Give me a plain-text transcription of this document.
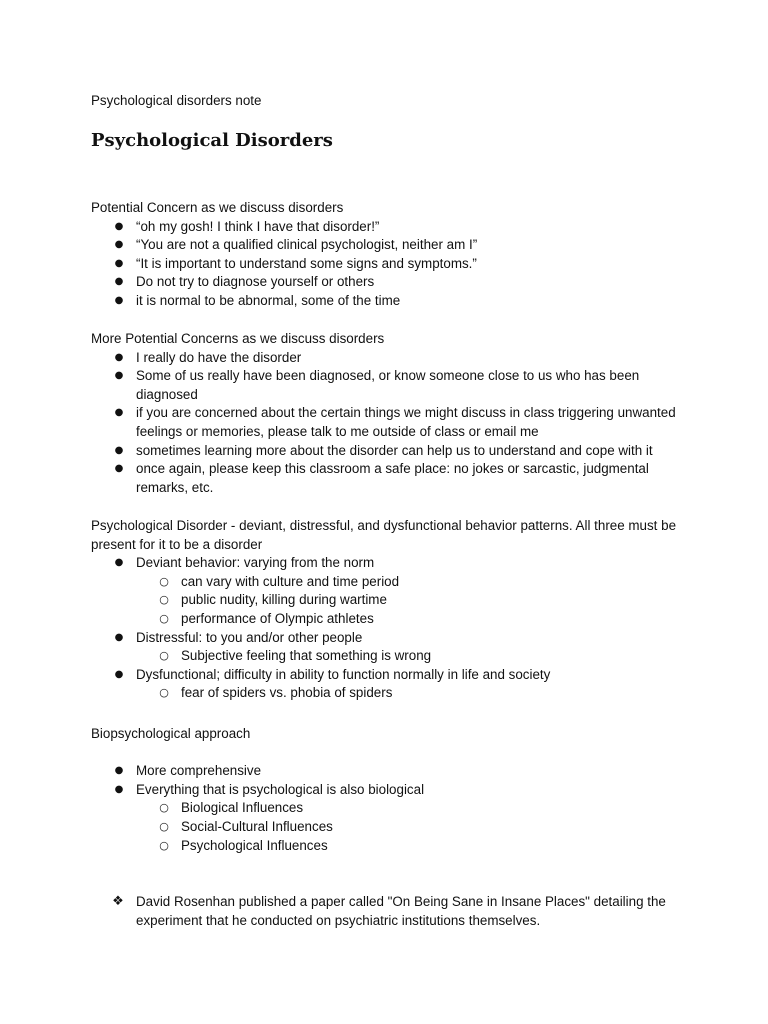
Psychological disorders note
Psychological Disorders
Potential Concern as we discuss disorders
● “oh my gosh! I think I have that disorder!”
● “You are not a qualified clinical psychologist, neither am I”
● “It is important to understand some signs and symptoms.”
● Do not try to diagnose yourself or others
● it is normal to be abnormal, some of the time
More Potential Concerns as we discuss disorders
● I really do have the disorder
● Some of us really have been diagnosed, or know someone close to us who has been diagnosed
● if you are concerned about the certain things we might discuss in class triggering unwanted feelings or memories, please talk to me outside of class or email me
● sometimes learning more about the disorder can help us to understand and cope with it
● once again, please keep this classroom a safe place: no jokes or sarcastic, judgmental remarks, etc.
Psychological Disorder - deviant, distressful, and dysfunctional behavior patterns. All three must be present for it to be a disorder
● Deviant behavior: varying from the norm
○ can vary with culture and time period
○ public nudity, killing during wartime
○ performance of Olympic athletes
● Distressful: to you and/or other people
○ Subjective feeling that something is wrong
● Dysfunctional; difficulty in ability to function normally in life and society
○ fear of spiders vs. phobia of spiders
Biopsychological approach
● More comprehensive
● Everything that is psychological is also biological
○ Biological Influences
○ Social-Cultural Influences
○ Psychological Influences
❖ David Rosenhan published a paper called "On Being Sane in Insane Places" detailing the experiment that he conducted on psychiatric institutions themselves.
